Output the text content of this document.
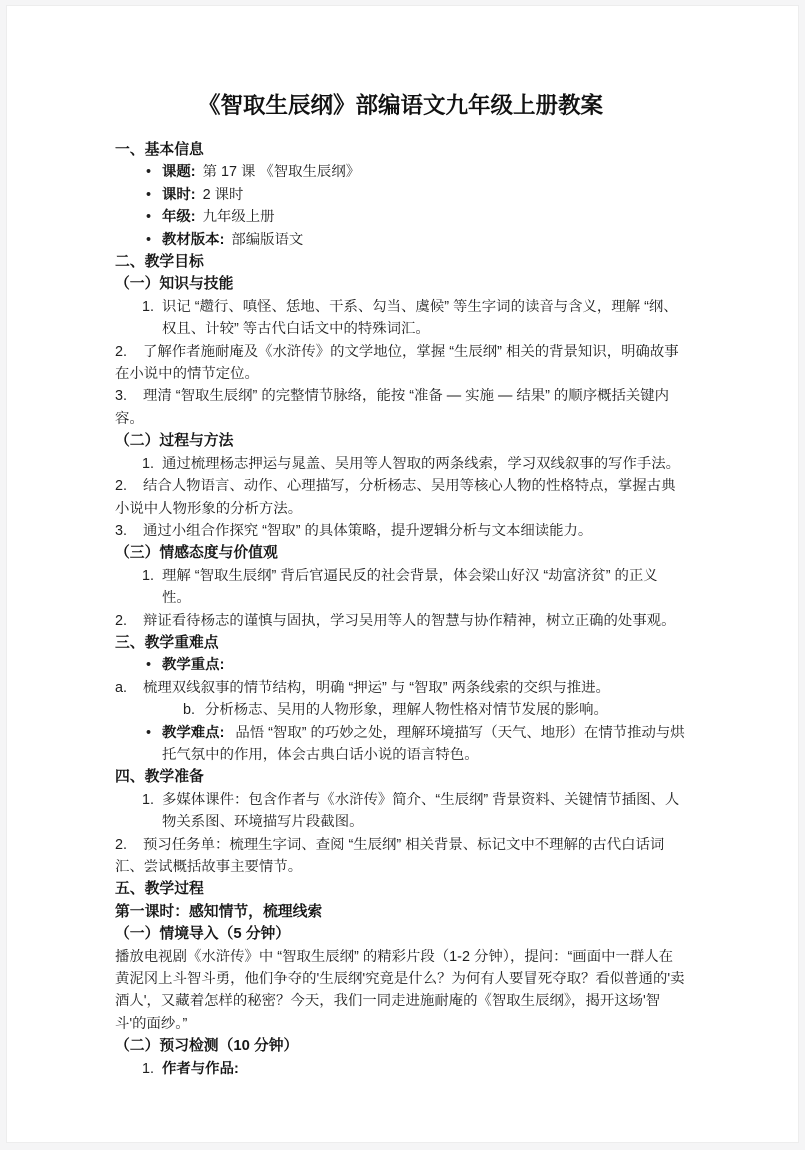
《智取生辰纲》部编语文九年级上册教案
一、基本信息
• 课题: 第 17 课 《智取生辰纲》
• 课时: 2 课时
• 年级: 九年级上册
• 教材版本: 部编版语文
二、教学目标
（一）知识与技能
1. 识记 “趱行、嗔怪、恁地、干系、勾当、虞候” 等生字词的读音与含义，理解 “纲、权且、计较” 等古代白话文中的特殊词汇。
2. 了解作者施耐庵及《水浒传》的文学地位，掌握 “生辰纲” 相关的背景知识，明确故事在小说中的情节定位。
3. 理清 “智取生辰纲” 的完整情节脉络，能按 “准备 — 实施 — 结果” 的顺序概括关键内容。
（二）过程与方法
1. 通过梳理杨志押运与晁盖、吴用等人智取的两条线索，学习双线叙事的写作手法。
2. 结合人物语言、动作、心理描写，分析杨志、吴用等核心人物的性格特点，掌握古典小说中人物形象的分析方法。
3. 通过小组合作探究 “智取” 的具体策略，提升逻辑分析与文本细读能力。
（三）情感态度与价值观
1. 理解 “智取生辰纲” 背后官逼民反的社会背景，体会梁山好汉 “劫富济贫” 的正义性。
2. 辩证看待杨志的谨慎与固执，学习吴用等人的智慧与协作精神，树立正确的处事观。
三、教学重难点
• 教学重点:
a. 梳理双线叙事的情节结构，明确 “押运” 与 “智取” 两条线索的交织与推进。
b. 分析杨志、吴用的人物形象，理解人物性格对情节发展的影响。
• 教学难点: 品悟 “智取” 的巧妙之处，理解环境描写（天气、地形）在情节推动与烘托气氛中的作用，体会古典白话小说的语言特色。
四、教学准备
1. 多媒体课件：包含作者与《水浒传》简介、“生辰纲” 背景资料、关键情节插图、人物关系图、环境描写片段截图。
2. 预习任务单：梳理生字词、查阅 “生辰纲” 相关背景、标记文中不理解的古代白话词汇、尝试概括故事主要情节。
五、教学过程
第一课时：感知情节，梳理线索
（一）情境导入（5 分钟）

播放电视剧《水浒传》中 “智取生辰纲” 的精彩片段（1-2 分钟），提问：“画面中一群人在黄泥冈上斗智斗勇，他们争夺的'生辰纲'究竟是什么？为何有人要冒死夺取？看似普通的'卖酒人'，又藏着怎样的秘密？今天，我们一同走进施耐庵的《智取生辰纲》，揭开这场'智斗'的面纱。”

（二）预习检测（10 分钟）
1. 作者与作品:
